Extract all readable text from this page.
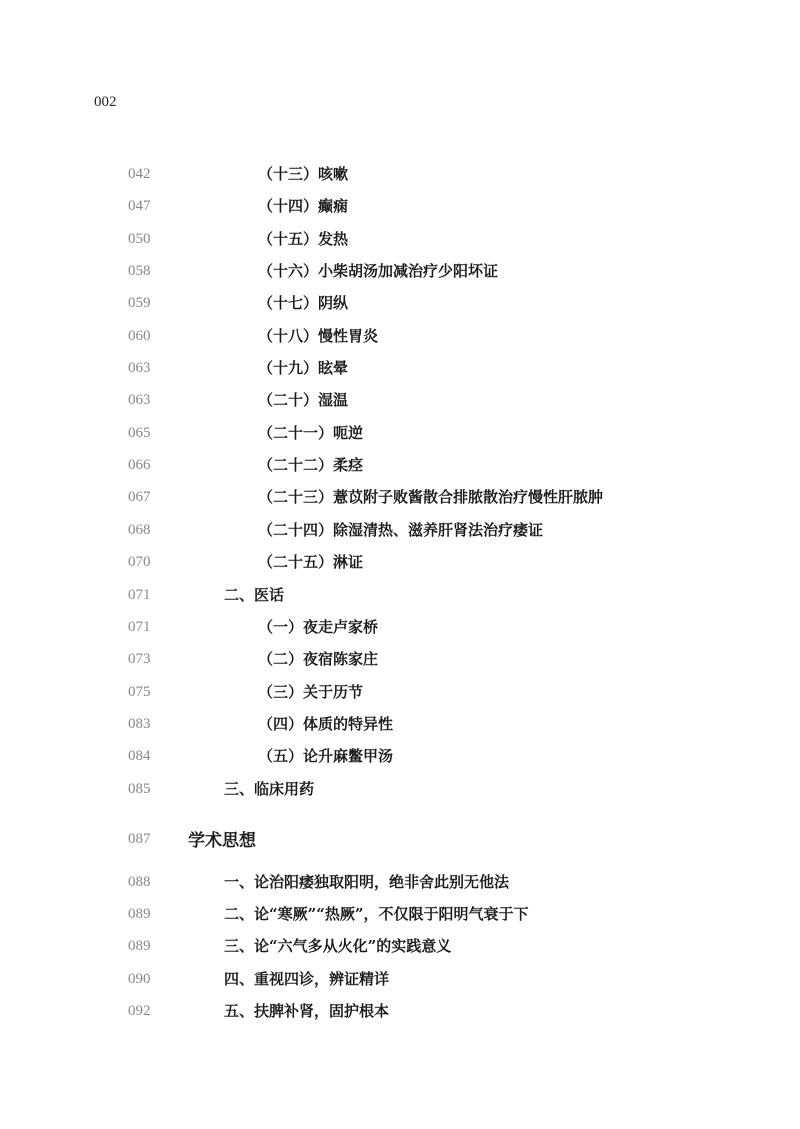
002
042	（十三）咳嗽
047	（十四）癫痫
050	（十五）发热
058	（十六）小柴胡汤加减治疗少阳坏证
059	（十七）阴纵
060	（十八）慢性胃炎
063	（十九）眩晕
063	（二十）湿温
065	（二十一）呃逆
066	（二十二）柔痉
067	（二十三）薏苡附子败酱散合排脓散治疗慢性肝脓肿
068	（二十四）除湿清热、滋养肝肾法治疗痿证
070	（二十五）淋证
071	二、医话
071	（一）夜走卢家桥
073	（二）夜宿陈家庄
075	（三）关于历节
083	（四）体质的特异性
084	（五）论升麻鳖甲汤
085	三、临床用药
087 学术思想
088	一、论治阳痿独取阳明，绝非舍此别无他法
089	二、论“寒厥”“热厥”，不仅限于阳明气衰于下
089	三、论“六气多从火化”的实践意义
090	四、重视四诊，辨证精详
092	五、扶脾补肾，固护根本
